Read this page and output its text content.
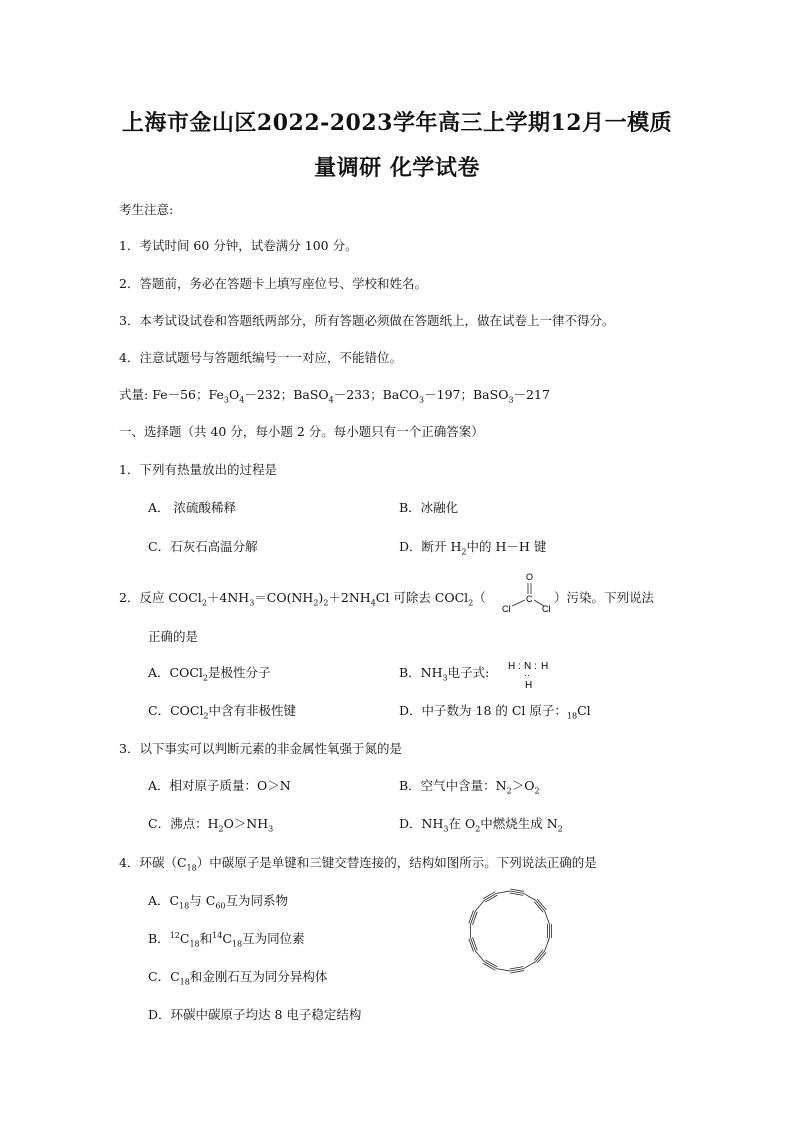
上海市金山区2022-2023学年高三上学期12月一模质
量调研 化学试卷
考生注意:
1．考试时间 60 分钟，试卷满分 100 分。
2．答题前，务必在答题卡上填写座位号、学校和姓名。
3．本考试设试卷和答题纸两部分，所有答题必须做在答题纸上，做在试卷上一律不得分。
4．注意试题号与答题纸编号一一对应，不能错位。
式量: Fe－56；$Fe_3O_4-232$；BaSO$_4$－233；BaCO$_3$－197；BaSO$_3$－217
一、选择题（共 40 分，每小题 2 分。每小题只有一个正确答案）
1．下列有热量放出的过程是
A． 浓硫酸稀释	B．冰融化
C．石灰石高温分解	D．断开 $H_2$中的 H－H 键
2．反应 $COCl_2+4NH_3=CO(NH_2)_2+2NH_4Cl$ 可除去 COCl$_2$（
O
C
Cl	Cl
）污染。下列说法
正确的是
A．COCl$_2$是极性分子	B．$NH_3$电子式: H : N : H
··
H
C．COCl$_2$中含有非极性键	D．中子数为 18 的 Cl 原子：$_{18}$Cl
3．以下事实可以判断元素的非金属性氧强于氮的是
A．相对原子质量：O＞N	B．空气中含量：$N_2>O_2$
C．沸点：$H_2O>NH_3$	D．$NH_3$在 $O_2$中燃烧生成 $N_2$
4．环碳$(C_{18})$中碳原子是单键和三键交替连接的，结构如图所示。下列说法正确的是
A．$C_{18}$与 $C_{60}$互为同系物
B．$^{12}C_{18}$和$^{14}C_{18}$互为同位素
C．$C_{18}$和金刚石互为同分异构体
D．环碳中碳原子均达 8 电子稳定结构
